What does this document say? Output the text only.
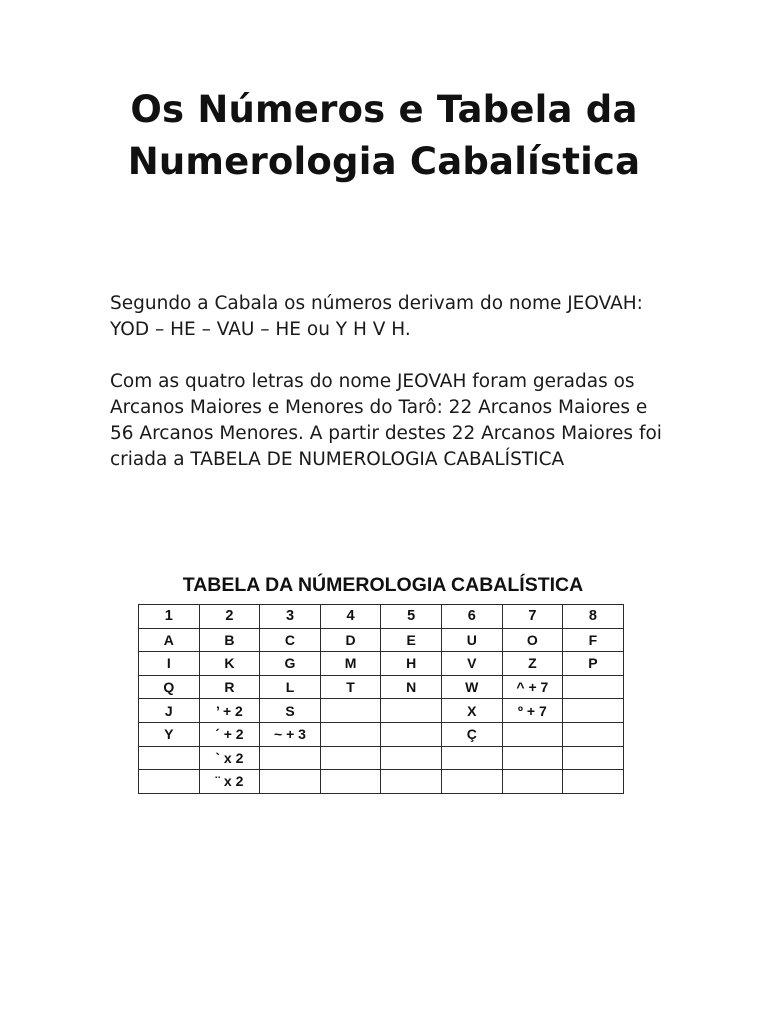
Os Números e Tabela da Numerologia Cabalística

Segundo a Cabala os números derivam do nome JEOVAH: YOD – HE – VAU – HE ou Y H V H.

Com as quatro letras do nome JEOVAH foram geradas os Arcanos Maiores e Menores do Tarô: 22 Arcanos Maiores e 56 Arcanos Menores. A partir destes 22 Arcanos Maiores foi criada a TABELA DE NUMEROLOGIA CABALÍSTICA

TABELA DA NÚMEROLOGIA CABALÍSTICA
1	2	3	4	5	6	7	8
A	B	C	D	E	U	O	F
I	K	G	M	H	V	Z	P
Q	R	L	T	N	W	^ + 7	
J	’ + 2	S			X	º + 7	
Y	´ + 2	~ + 3			Ç		
	` x 2						
	¨ x 2						
